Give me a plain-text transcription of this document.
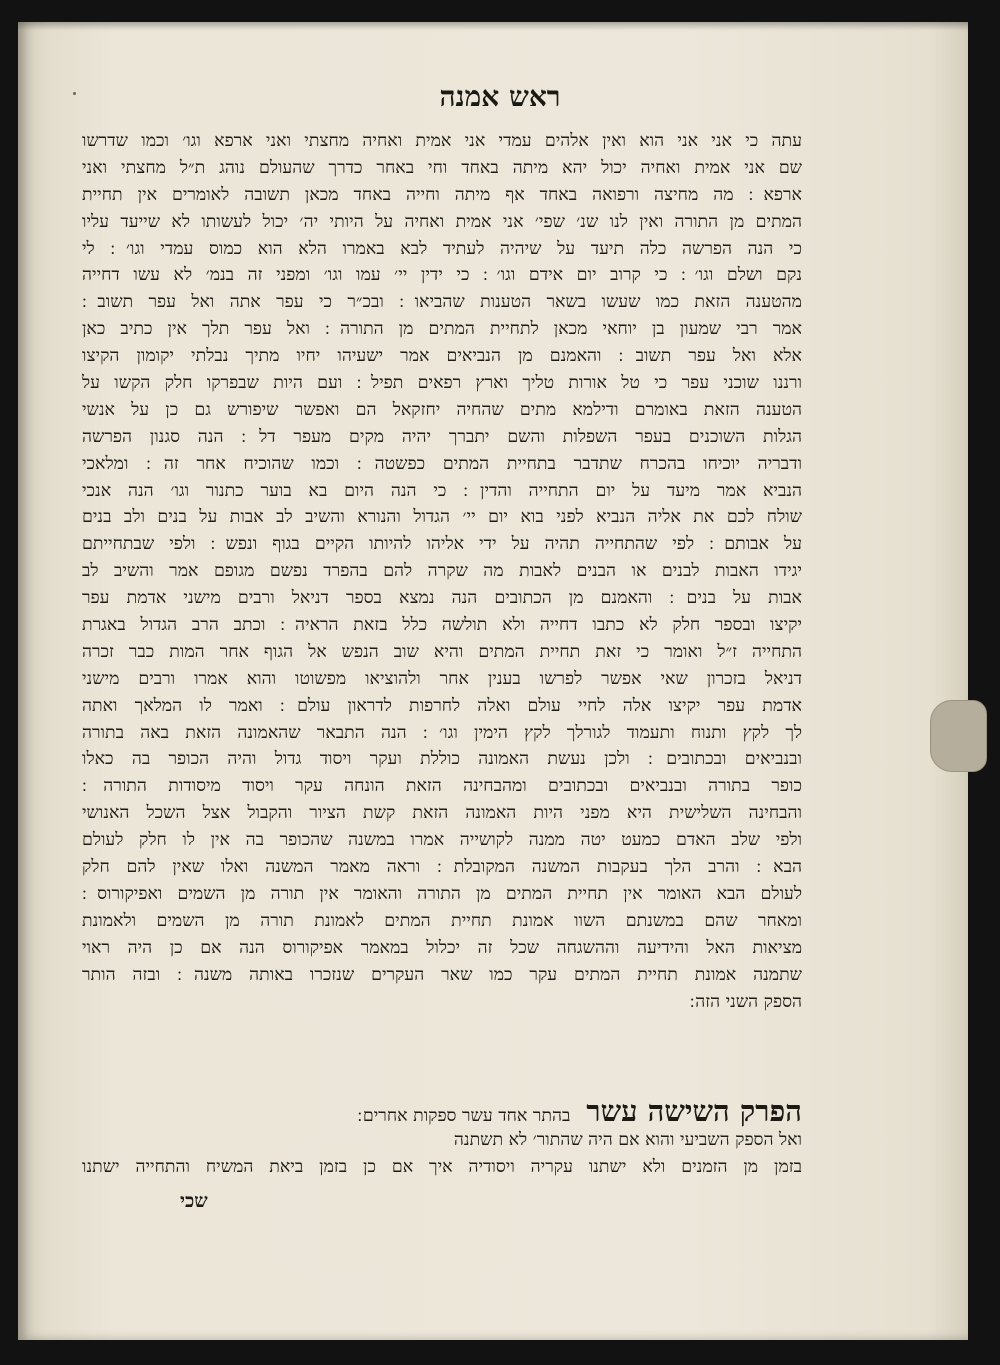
ראש אמנה
עתה כי אני אני הוא ואין אלהים עמדי אני אמית ואחיה מחצתי ואני ארפא וגו׳ וכמו שדרשו
שם אני אמית ואחיה יכול יהא מיתה באחד וחי באחר כדרך שהעולם נוהג ת״ל מחצתי ואני
ארפא ׃ מה מחיצה ורפואה באחד אף מיתה וחייה באחד מכאן תשובה לאומרים אין תחיית
המתים מן התורה ואין לנו שנ׳ שפי׳ אני אמית ואחיה על היותי יה׳ יכול לעשותו לא שייעד עליו
כי הנה הפרשה כלה תיעד על שיהיה לעתיד לבא באמרו הלא הוא כמוס עמדי וגו׳ ׃ לי
נקם ושלם וגו׳ ׃ כי קרוב יום אידם וגו׳ ׃ כי ידין יי׳ עמו וגו׳ ומפני זה בנמ׳ לא עשו דחייה
מהטענה הזאת כמו שעשו בשאר הטענות שהביאו ׃ ובכ״ר כי עפר אתה ואל עפר תשוב ׃
אמר רבי שמעון בן יוחאי מכאן לתחיית המתים מן התורה ׃ ואל עפר תלך אין כתיב כאן
אלא ואל עפר תשוב ׃ והאמנם מן הנביאים אמר ישעיהו יחיו מתיך נבלתי יקומון הקיצו
ורננו שוכני עפר כי טל אורות טליך וארץ רפאים תפיל ׃ ועם היות שבפרקו חלק הקשו על
הטענה הזאת באומרם ודילמא מתים שהחיה יחזקאל הם ואפשר שיפורש גם כן על אנשי
הגלות השוכנים בעפר השפלות והשם יתברך יהיה מקים מעפר דל ׃ הנה סגנון הפרשה
ודבריה יוכיחו בהכרח שתדבר בתחיית המתים כפשטה ׃ וכמו שהוכיח אחר זה ׃ ומלאכי
הנביא אמר מיעד על יום התחייה והדין ׃ כי הנה היום בא בוער כתנור וגו׳ הנה אנכי
שולח לכם את אליה הנביא לפני בוא יום יי׳ הגדול והנורא והשיב לב אבות על בנים ולב בנים
על אבותם ׃ לפי שהתחייה תהיה על ידי אליהו להיותו הקיים בגוף ונפש ׃ ולפי שבתחייתם
יגידו האבות לבנים או הבנים לאבות מה שקרה להם בהפרד נפשם מגופם אמר והשיב לב
אבות על בנים ׃ והאמנם מן הכתובים הנה נמצא בספר דניאל ורבים מישני אדמת עפר
יקיצו ובספר חלק לא כתבו דחייה ולא תולשה כלל בזאת הראיה ׃ וכתב הרב הגדול באגרת
התחייה ז״ל ואומר כי זאת תחיית המתים והיא שוב הנפש אל הגוף אחר המות כבר זכרה
דניאל בזכרון שאי אפשר לפרשו בענין אחר ולהוציאו מפשוטו והוא אמרו ורבים מישני
אדמת עפר יקיצו אלה לחיי עולם ואלה לחרפות לדראון עולם ׃ ואמר לו המלאך ואתה
לך לקץ ותנוח ותעמוד לגורלך לקץ הימין וגו׳ ׃ הנה התבאר שהאמונה הזאת באה בתורה
ובנביאים ובכתובים ׃ ולכן נעשת האמונה כוללת ועקר ויסוד גדול והיה הכופר בה כאלו
כופר בתורה ובנביאים ובכתובים ומהבחינה הזאת הונחה עקר ויסוד מיסודות התורה ׃
והבחינה השלישית היא מפני היות האמונה הזאת קשת הציור והקבול אצל השכל האנושי
ולפי שלב האדם כמעט יטה ממנה לקושייה אמרו במשנה שהכופר בה אין לו חלק לעולם
הבא ׃ והרב הלך בעקבות המשנה המקובלת ׃ וראה מאמר המשנה ואלו שאין להם חלק
לעולם הבא האומר אין תחיית המתים מן התורה והאומר אין תורה מן השמים ואפיקורוס ׃
ומאחר שהם במשנתם השוו אמונת תחיית המתים לאמונת תורה מן השמים ולאמונת
מציאות האל והידיעה וההשגחה שכל זה יכלול במאמר אפיקורוס הנה אם כן היה ראוי
שתמנה אמונת תחיית המתים עקר כמו שאר העקרים שנזכרו באותה משנה ׃ ובזה הותר
הספק השני הזה ׃
הפרק השישה עשר
בהתר אחד עשר ספקות אחרים ׃
ואל הספק השביעי והוא אם היה שהתור׳ לא תשתנה
בזמן מן הזמנים ולא ישתנו עקריה ויסודיה איך אם כן בזמן ביאת המשיח והתחייה ישתנו
שכי
